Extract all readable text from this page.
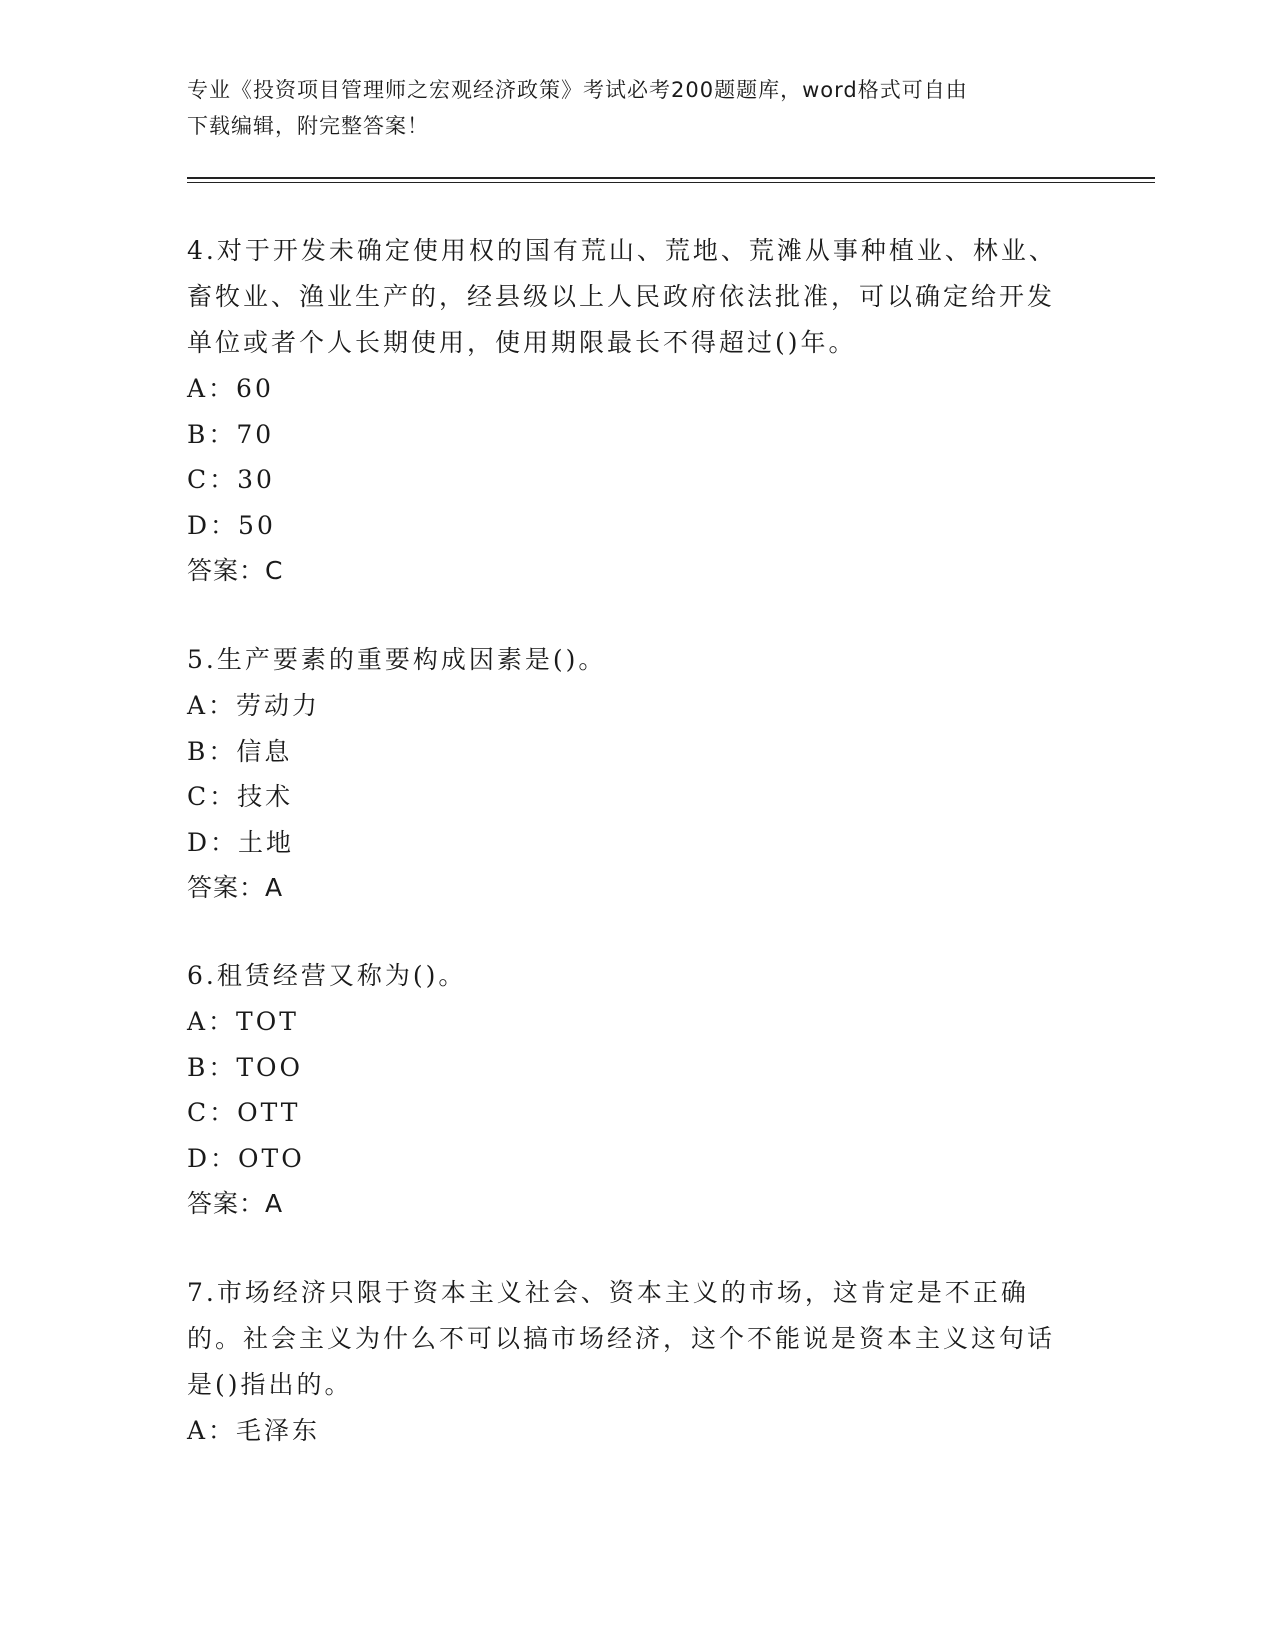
专业《投资项目管理师之宏观经济政策》考试必考200题题库，word格式可自由
下载编辑，附完整答案！

4.对于开发未确定使用权的国有荒山、荒地、荒滩从事种植业、林业、畜牧业、渔业生产的，经县级以上人民政府依法批准，可以确定给开发单位或者个人长期使用，使用期限最长不得超过()年。

A：60

B：70

C：30

D：50

答案：C

5.生产要素的重要构成因素是()。

A：劳动力

B：信息

C：技术

D：土地

答案：A

6.租赁经营又称为()。

A：TOT

B：TOO

C：OTT

D：OTO

答案：A

7.市场经济只限于资本主义社会、资本主义的市场，这肯定是不正确的。社会主义为什么不可以搞市场经济，这个不能说是资本主义这句话是()指出的。

A：毛泽东
